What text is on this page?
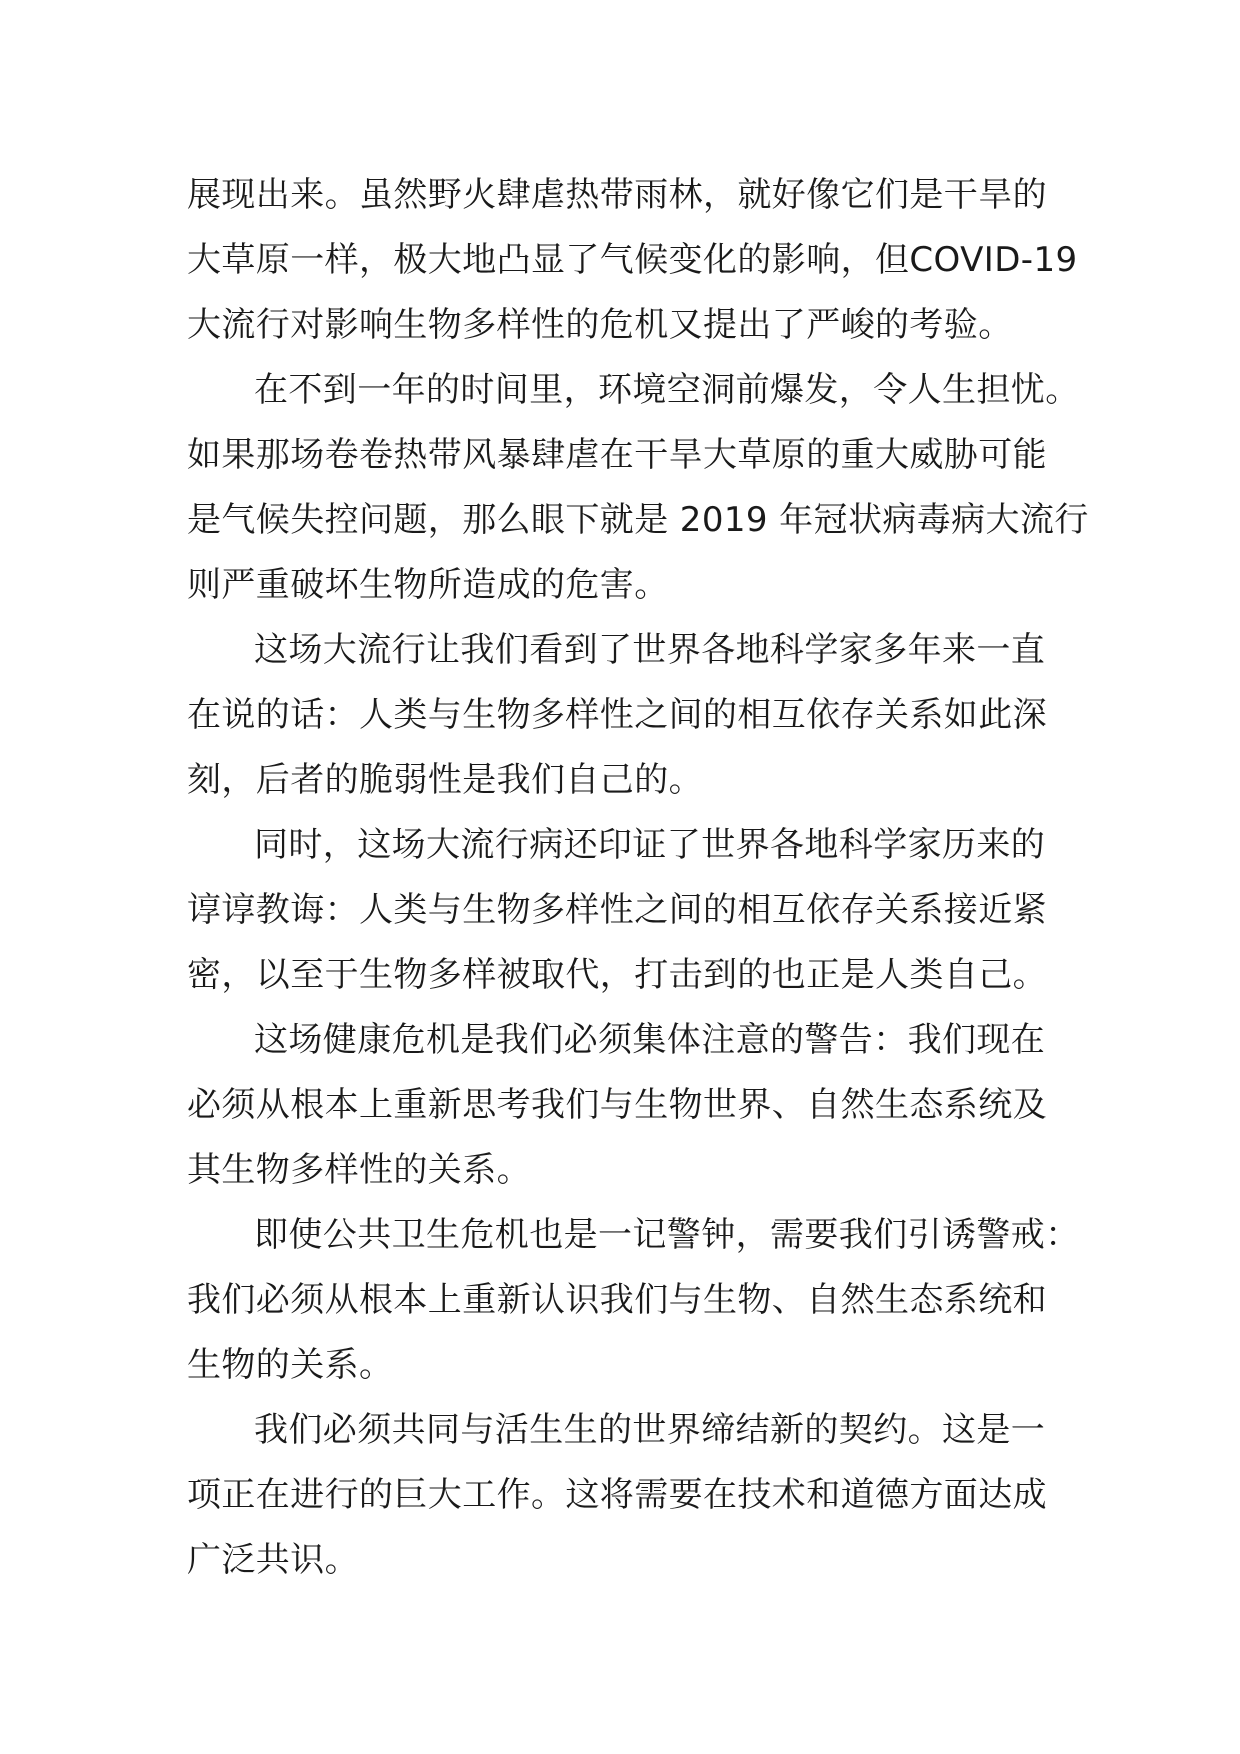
展现出来。虽然野火肆虐热带雨林，就好像它们是干旱的
大草原一样，极大地凸显了气候变化的影响，但COVID-19
大流行对影响生物多样性的危机又提出了严峻的考验。
在不到一年的时间里，环境空洞前爆发，令人生担忧。
如果那场卷卷热带风暴肆虐在干旱大草原的重大威胁可能
是气候失控问题，那么眼下就是 2019 年冠状病毒病大流行
则严重破坏生物所造成的危害。
这场大流行让我们看到了世界各地科学家多年来一直
在说的话：人类与生物多样性之间的相互依存关系如此深
刻，后者的脆弱性是我们自己的。
同时，这场大流行病还印证了世界各地科学家历来的
谆谆教诲：人类与生物多样性之间的相互依存关系接近紧
密，以至于生物多样被取代，打击到的也正是人类自己。
这场健康危机是我们必须集体注意的警告：我们现在
必须从根本上重新思考我们与生物世界、自然生态系统及
其生物多样性的关系。
即使公共卫生危机也是一记警钟，需要我们引诱警戒：
我们必须从根本上重新认识我们与生物、自然生态系统和
生物的关系。
我们必须共同与活生生的世界缔结新的契约。这是一
项正在进行的巨大工作。这将需要在技术和道德方面达成
广泛共识。
